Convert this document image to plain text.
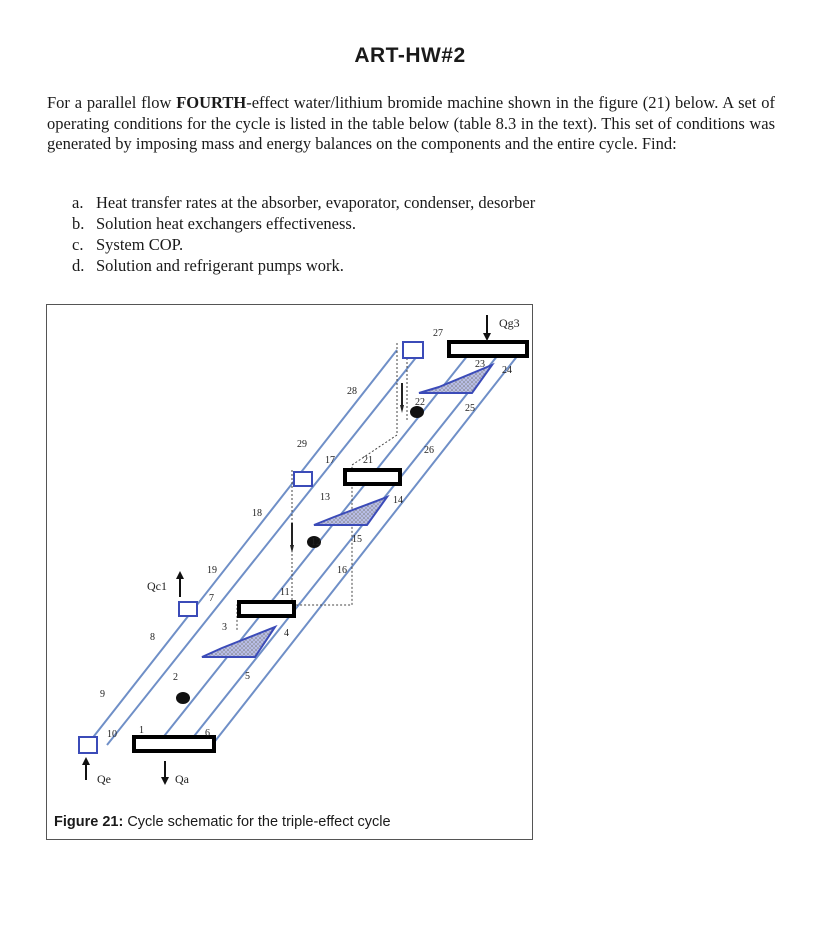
ART-HW#2
For a parallel flow FOURTH-effect water/lithium bromide machine shown in the figure (21) below. A set of operating conditions for the cycle is listed in the table below (table 8.3 in the text). This set of conditions was generated by imposing mass and energy balances on the components and the entire cycle. Find:
a. Heat transfer rates at the absorber, evaporator, condenser, desorber
b. Solution heat exchangers effectiveness.
c. System COP.
d. Solution and refrigerant pumps work.
Qg3
Qc1
Qe	Qa
1
2
3
4
5
6
7
8
9
10
11
12
13	14
15
16
17
18
19
21
22
23
24
25
26
27
28
29
Figure 21: Cycle schematic for the triple-effect cycle
